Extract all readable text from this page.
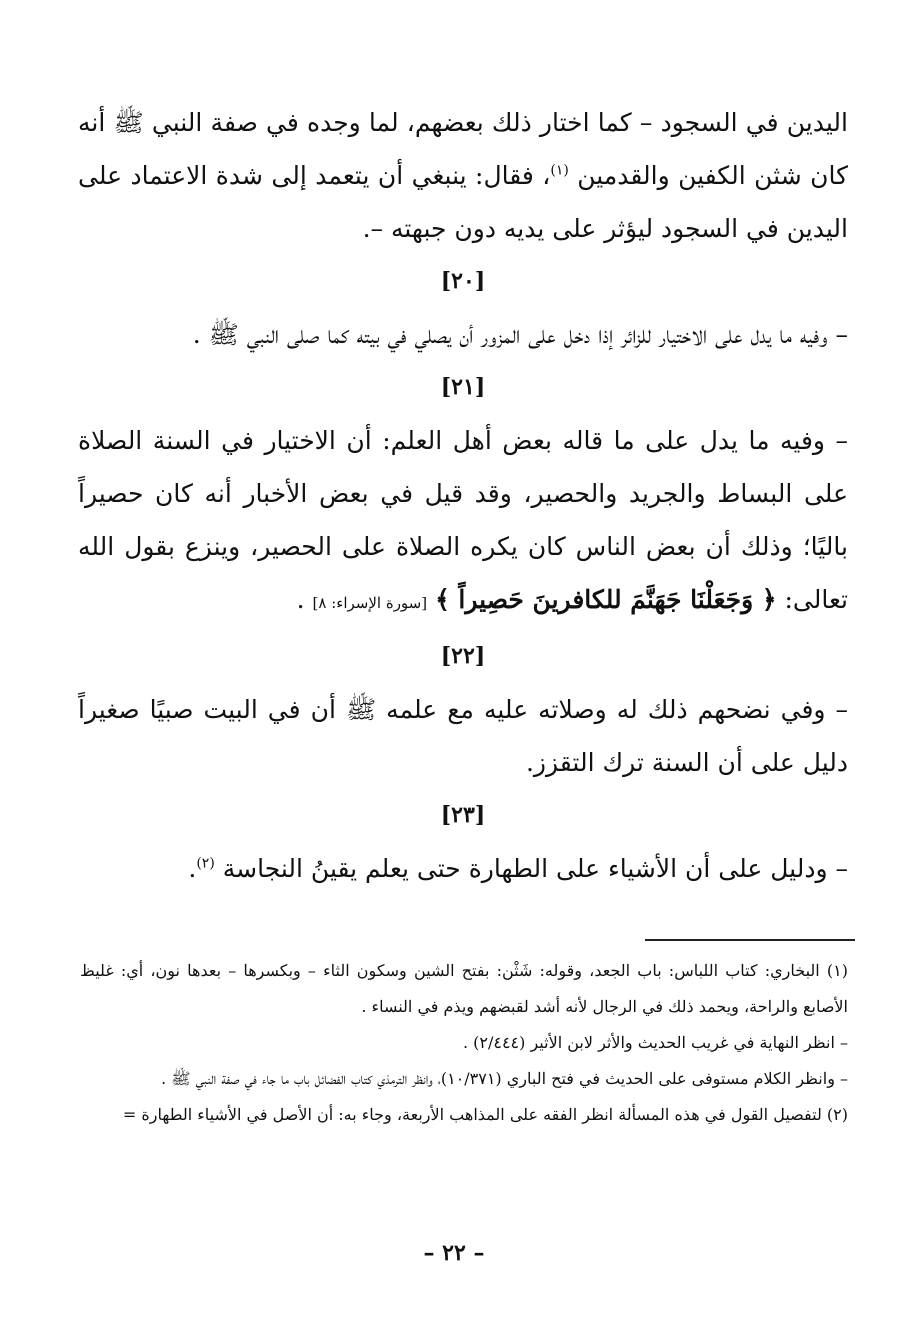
اليدين في السجود – كما اختار ذلك بعضهم، لما وجده في صفة النبي ﷺ أنه كان شثن الكفين والقدمين $^{(١)}$، فقال: ينبغي أن يتعمد إلى شدة الاعتماد على اليدين في السجود ليؤثر على يديه دون جبهته –.

[٢٠]

– وفيه ما يدل على الاختيار للزائر إذا دخل على المزور أن يصلي في بيته كما صلى النبي ﷺ .

[٢١]

– وفيه ما يدل على ما قاله بعض أهل العلم: أن الاختيار في السنة الصلاة على البساط والجريد والحصير، وقد قيل في بعض الأخبار أنه كان حصيراً باليًا؛ وذلك أن بعض الناس كان يكره الصلاة على الحصير، وينزع بقول الله تعالى: ﴿ وَجَعَلْنَا جَهَنَّمَ للكافرينَ حَصِيراً ﴾ [سورة الإسراء: ٨] .

[٢٢]

– وفي نضحهم ذلك له وصلاته عليه مع علمه ﷺ أن في البيت صبيًا صغيراً دليل على أن السنة ترك التقزز.

[٢٣]

– ودليل على أن الأشياء على الطهارة حتى يعلم يقينُ النجاسة $^{(٢)}$.

(١) البخاري: كتاب اللباس: باب الجعد، وقوله: شَثْن: بفتح الشين وسكون الثاء – وبكسرها – بعدها نون، أي: غليظ الأصابع والراحة، ويحمد ذلك في الرجال لأنه أشد لقبضهم ويذم في النساء .

– انظر النهاية في غريب الحديث والأثر لابن الأثير (٢/٤٤٤) .

– وانظر الكلام مستوفى على الحديث في فتح الباري (١٠/٣٧١)، وانظر الترمذي كتاب الفضائل باب ما جاء في صفة النبي ﷺ .

(٢) لتفصيل القول في هذه المسألة انظر الفقه على المذاهب الأربعة، وجاء به: أن الأصل في الأشياء الطهارة =

– ٢٢ –
